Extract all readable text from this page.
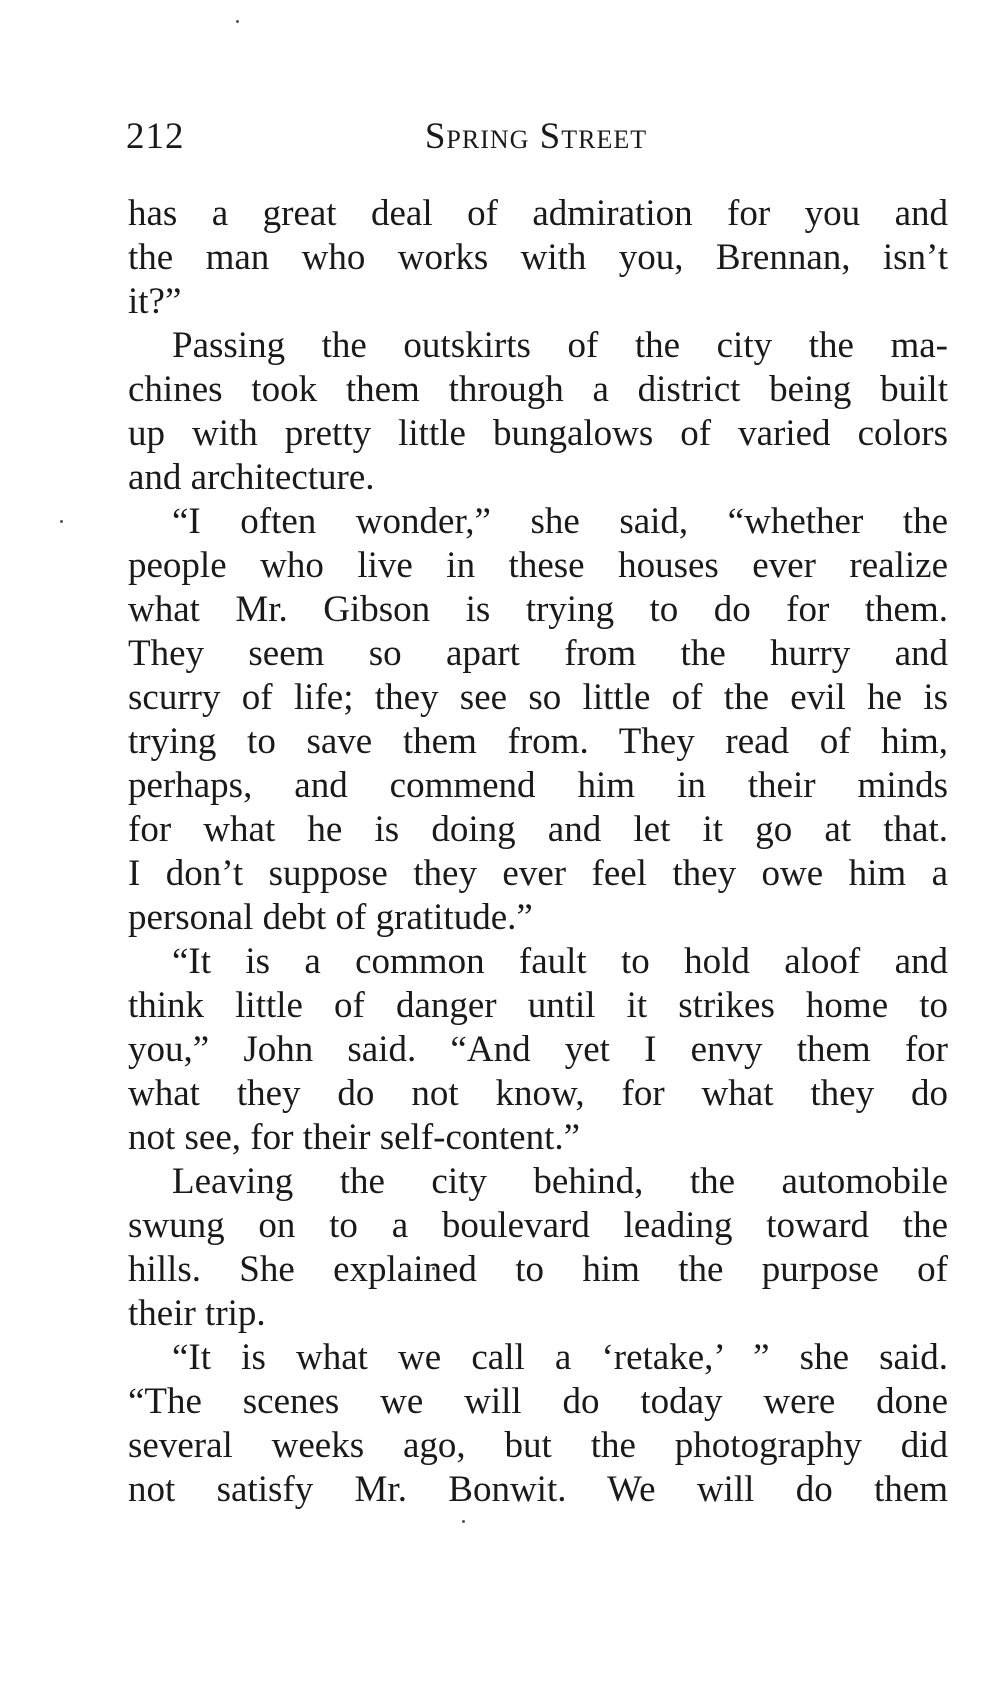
212	Spring Street
has a great deal of admiration for you and
the man who works with you, Brennan, isn’t
it?”
Passing the outskirts of the city the ma-
chines took them through a district being built
up with pretty little bungalows of varied colors
and architecture.
“I often wonder,” she said, “whether the
people who live in these houses ever realize
what Mr. Gibson is trying to do for them.
They seem so apart from the hurry and
scurry of life; they see so little of the evil he is
trying to save them from. They read of him,
perhaps, and commend him in their minds
for what he is doing and let it go at that.
I don’t suppose they ever feel they owe him a
personal debt of gratitude.”
“It is a common fault to hold aloof and
think little of danger until it strikes home to
you,” John said. “And yet I envy them for
what they do not know, for what they do
not see, for their self-content.”
Leaving the city behind, the automobile
swung on to a boulevard leading toward the
hills. She explained to him the purpose of
their trip.
“It is what we call a ‘retake,’ ” she said.
“The scenes we will do today were done
several weeks ago, but the photography did
not satisfy Mr. Bonwit. We will do them
